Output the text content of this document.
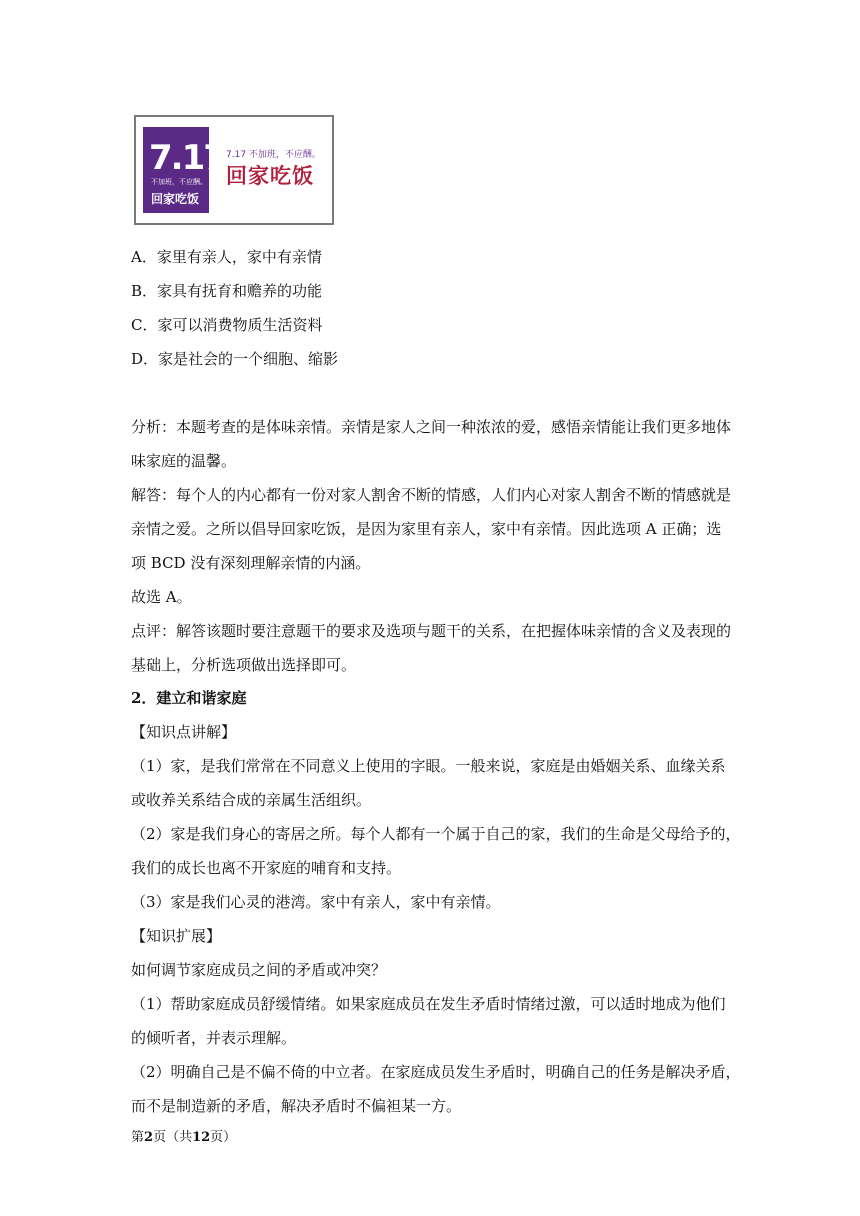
7.17
不加班，不应酬。
回家吃饭
7.17 不加班，不应酬。
回家吃饭
A．家里有亲人，家中有亲情
B．家具有抚育和赡养的功能
C．家可以消费物质生活资料
D．家是社会的一个细胞、缩影
分析：本题考查的是体味亲情。亲情是家人之间一种浓浓的爱，感悟亲情能让我们更多地体
味家庭的温馨。
解答：每个人的内心都有一份对家人割舍不断的情感，人们内心对家人割舍不断的情感就是
亲情之爱。之所以倡导回家吃饭，是因为家里有亲人，家中有亲情。因此选项 A 正确；选
项 BCD 没有深刻理解亲情的内涵。
故选 A。
点评：解答该题时要注意题干的要求及选项与题干的关系，在把握体味亲情的含义及表现的
基础上，分析选项做出选择即可。
2．建立和谐家庭
【知识点讲解】
（1）家，是我们常常在不同意义上使用的字眼。一般来说，家庭是由婚姻关系、血缘关系
或收养关系结合成的亲属生活组织。
（2）家是我们身心的寄居之所。每个人都有一个属于自己的家，我们的生命是父母给予的，
我们的成长也离不开家庭的哺育和支持。
（3）家是我们心灵的港湾。家中有亲人，家中有亲情。
【知识扩展】
如何调节家庭成员之间的矛盾或冲突？
（1）帮助家庭成员舒缓情绪。如果家庭成员在发生矛盾时情绪过激，可以适时地成为他们
的倾听者，并表示理解。
（2）明确自己是不偏不倚的中立者。在家庭成员发生矛盾时，明确自己的任务是解决矛盾，
而不是制造新的矛盾，解决矛盾时不偏袒某一方。
第2页（共12页）
